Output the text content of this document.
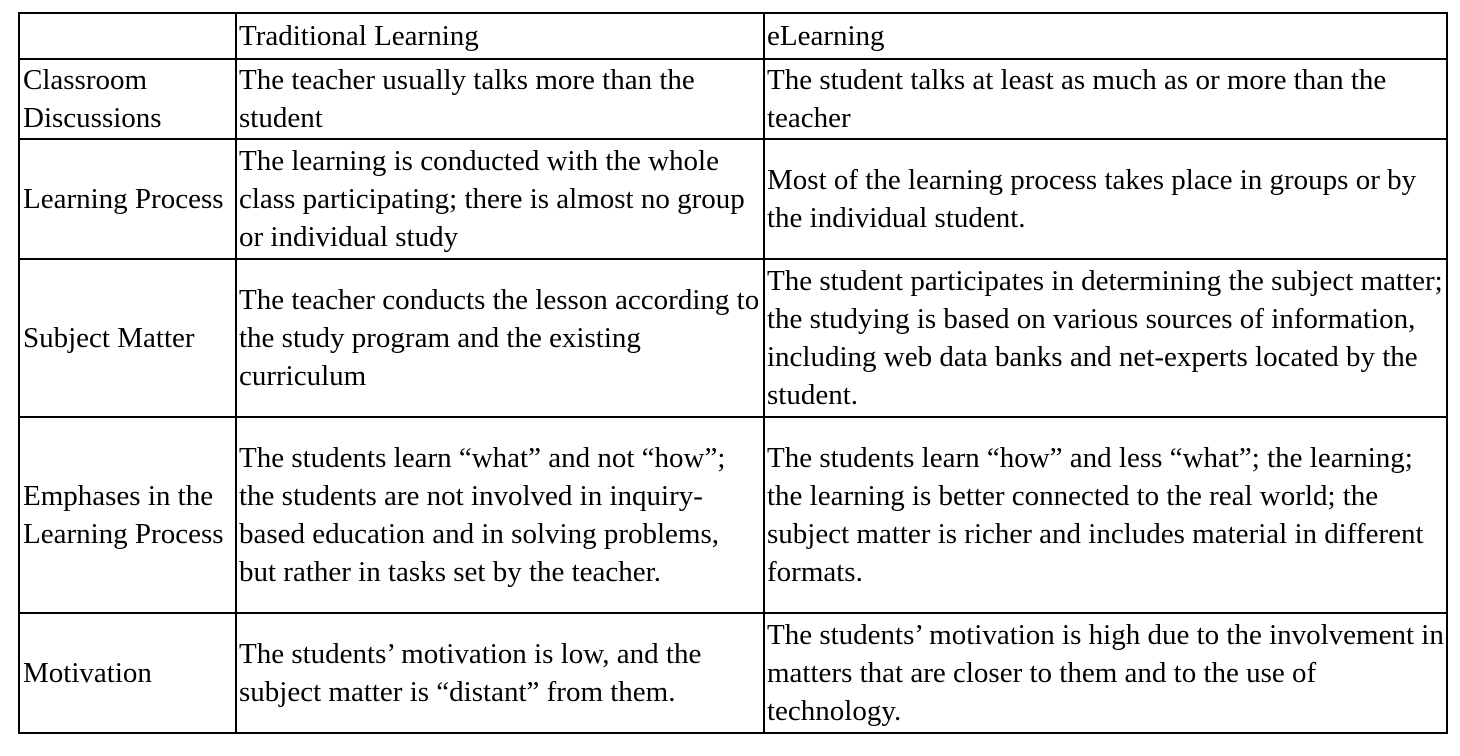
	Traditional Learning	eLearning
Classroom Discussions	The teacher usually talks more than the student	The student talks at least as much as or more than the teacher
Learning Process	The learning is conducted with the whole class participating; there is almost no group or individual study	Most of the learning process takes place in groups or by the individual student.
Subject Matter	The teacher conducts the lesson according to the study program and the existing curriculum	The student participates in determining the subject matter; the studying is based on various sources of information, including web data banks and net-experts located by the student.
Emphases in the Learning Process	The students learn “what” and not “how”; the students are not involved in inquiry-based education and in solving problems, but rather in tasks set by the teacher.	The students learn “how” and less “what”; the learning; the learning is better connected to the real world; the subject matter is richer and includes material in different formats.
Motivation	The students’ motivation is low, and the subject matter is “distant” from them.	The students’ motivation is high due to the involvement in matters that are closer to them and to the use of technology.
